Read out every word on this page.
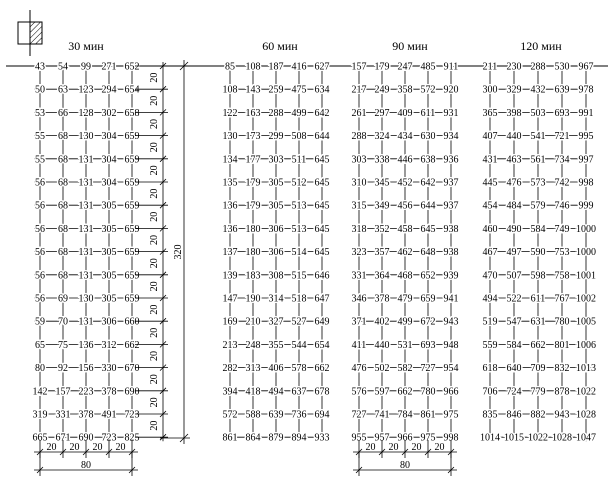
30 мин	60 мин	90 мин	120 мин
43 54 99 271 652
50 63 123 294 654
53 66 128 302 658
55 68 130 304 659
55 68 131 304 659
56 68 131 304 659
56 68 131 305 659
56 68 131 305 659
56 68 131 305 659
56 68 131 305 659
56 69 130 305 659
59 70 131 306 660
65 75 136 312 662
80 92 156 330 670
142 157 223 378 690
319 331 378 491 723
665 671 690 723 825
85 108 187 416 627
108 143 259 475 634
122 163 288 499 642
130 173 299 508 644
134 177 303 511 645
135 179 305 512 645
136 179 305 513 645
136 180 306 513 645
137 180 306 514 645
139 183 308 515 646
147 190 314 518 647
169 210 327 527 649
213 248 355 544 654
282 313 406 578 662
394 418 494 637 678
572 588 639 736 694
861 864 879 894 933
157 179 247 485 911
217 249 358 572 920
261 297 409 611 931
288 324 434 630 934
303 338 446 638 936
310 345 452 642 937
315 349 456 644 937
318 352 458 645 938
323 357 462 648 938
331 364 468 652 939
346 378 479 659 941
371 402 499 672 943
411 440 531 693 948
476 502 582 727 954
576 597 662 780 966
727 741 784 861 975
955 957 966 975 998
211 230 288 530 967
300 329 432 639 978
365 398 503 693 991
407 440 541 721 995
431 463 561 734 997
445 476 573 742 998
454 484 579 746 999
460 490 584 749 1000
467 497 590 753 1000
470 507 598 758 1001
494 522 611 767 1002
519 547 631 780 1005
559 584 662 801 1006
618 640 709 832 1013
706 724 779 878 1022
835 846 882 943 1028
1014 1015 1022 1028 1047
20
20
20
20
20
20
20
20
20
20
20
20
20
20
20
20
320
20 20 20 20
80
20 20 20 20
80
